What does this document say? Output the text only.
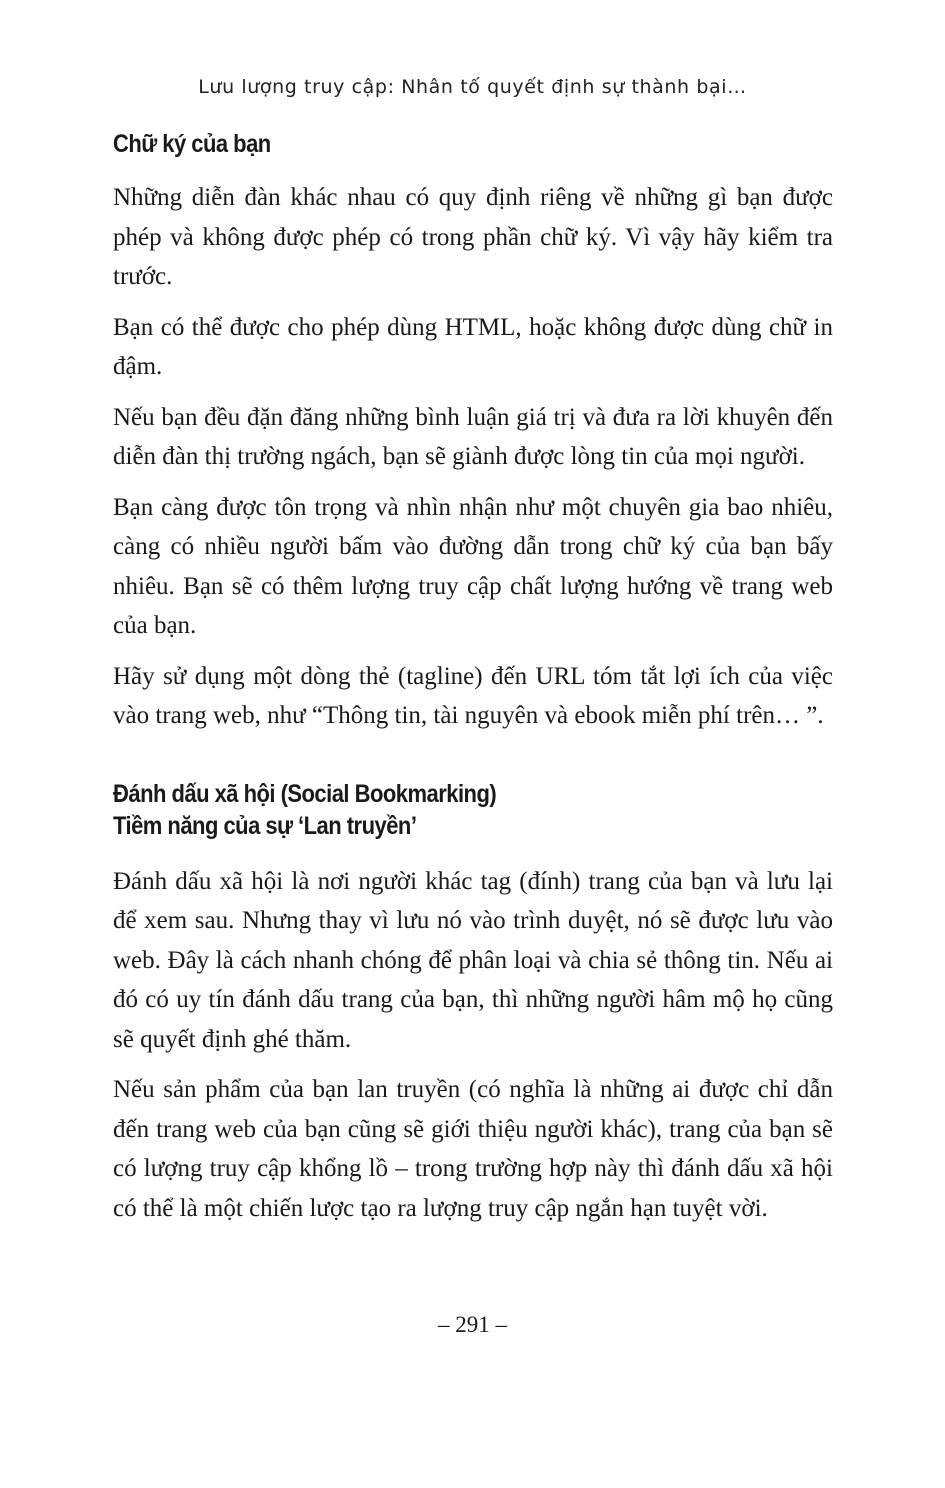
Lưu lượng truy cập: Nhân tố quyết định sự thành bại…
Chữ ký của bạn

Những diễn đàn khác nhau có quy định riêng về những gì bạn được phép và không được phép có trong phần chữ ký. Vì vậy hãy kiểm tra trước.

Bạn có thể được cho phép dùng HTML, hoặc không được dùng chữ in đậm.

Nếu bạn đều đặn đăng những bình luận giá trị và đưa ra lời khuyên đến diễn đàn thị trường ngách, bạn sẽ giành được lòng tin của mọi người.

Bạn càng được tôn trọng và nhìn nhận như một chuyên gia bao nhiêu, càng có nhiều người bấm vào đường dẫn trong chữ ký của bạn bấy nhiêu. Bạn sẽ có thêm lượng truy cập chất lượng hướng về trang web của bạn.

Hãy sử dụng một dòng thẻ (tagline) đến URL tóm tắt lợi ích của việc vào trang web, như “Thông tin, tài nguyên và ebook miễn phí trên… ”.

Đánh dấu xã hội (Social Bookmarking)
Tiềm năng của sự ‘Lan truyền’

Đánh dấu xã hội là nơi người khác tag (đính) trang của bạn và lưu lại để xem sau. Nhưng thay vì lưu nó vào trình duyệt, nó sẽ được lưu vào web. Đây là cách nhanh chóng để phân loại và chia sẻ thông tin. Nếu ai đó có uy tín đánh dấu trang của bạn, thì những người hâm mộ họ cũng sẽ quyết định ghé thăm.

Nếu sản phẩm của bạn lan truyền (có nghĩa là những ai được chỉ dẫn đến trang web của bạn cũng sẽ giới thiệu người khác), trang của bạn sẽ có lượng truy cập khổng lồ – trong trường hợp này thì đánh dấu xã hội có thể là một chiến lược tạo ra lượng truy cập ngắn hạn tuyệt vời.

– 291 –
